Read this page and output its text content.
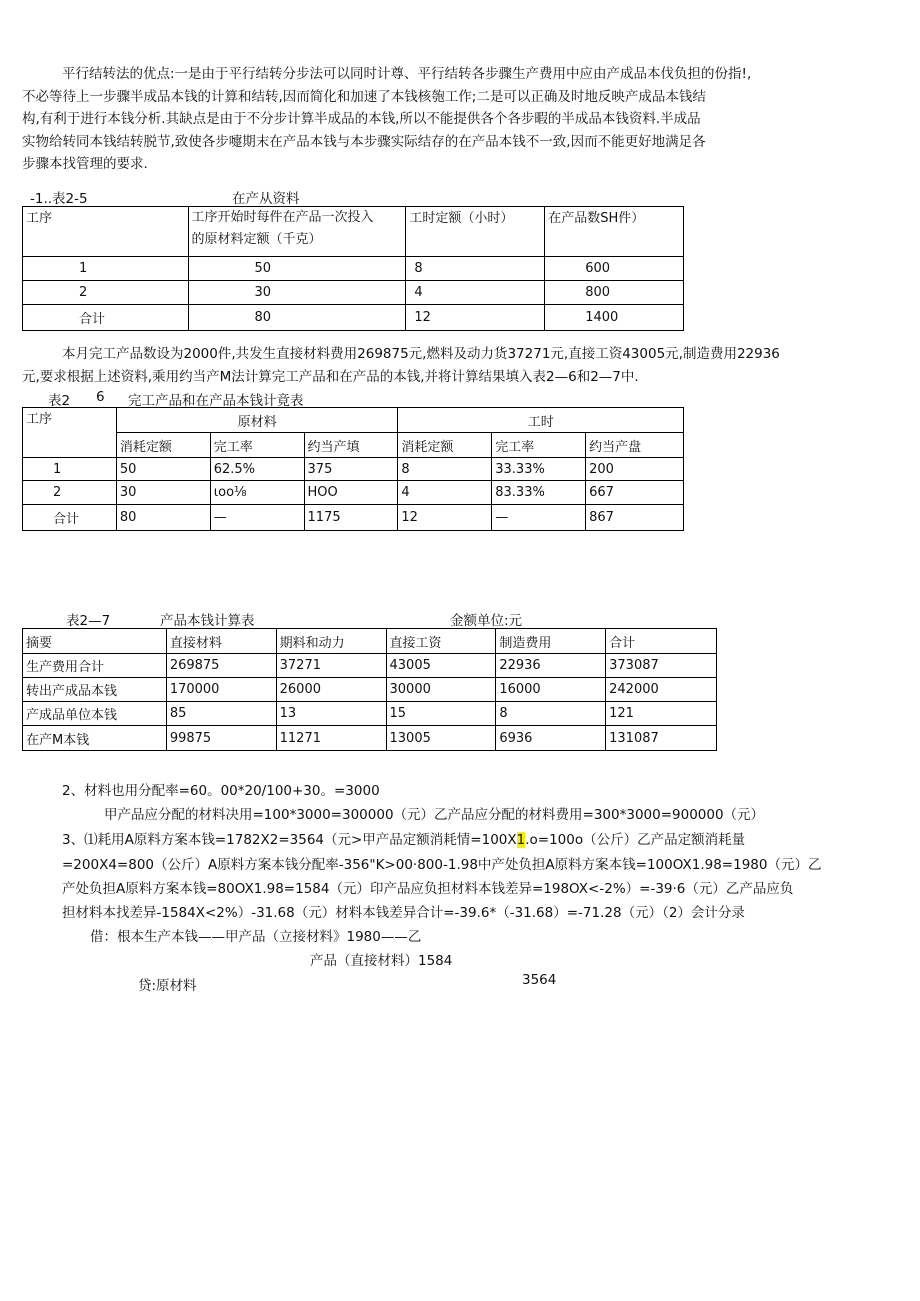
平行结转法的优点:一是由于平行结转分步法可以同时计尊、平行结转各步骤生产费用中应由产成品本伐负担的份指!,
不必等待上一步骤半成品本钱的计算和结转,因而简化和加速了本钱核匏工作;二是可以正确及时地反映产成品本钱结
构,有利于进行本钱分析.其缺点是由于不分步计算半成品的本钱,所以不能提供各个各步暇的半成品本钱资料.半成品
实物给转同本钱结转脱节,致使各步嚏期末在产品本钱与本步骤实际结存的在产品本钱不一致,因而不能更好地满足各
步骤本找管理的要求.
-1..表2-5	在产从资料
工序	工序开始时每件在产品一次投入
的原材料定额（千克）	工时定额（小时）	在产品数SH件）
1	50	8	600
2	30	4	800
合计	80	12	1400
本月完工产品数设为2000件,共发生直接材料费用269875元,燃料及动力货37271元,直接工资43005元,制造费用22936
元,要求根据上述资料,乘用约当产M法计算完工产品和在产品的本钱,并将计算结果填入表2—6和2—7中.
表2 6 完工产品和在产品本钱计竟表
工序	原材料			工时		
	消耗定额	完工率	约当产填	消耗定额	完工率	约当产盘
1	50	62.5%	375	8	33.33%	200
2	30	ιoo⅛	HOO	4	83.33%	667
合计	80	—	1175	12	—	867
表2—7	产品本钱计算表	金额单位:元
摘要	直接材料	期料和动力	直接工资	制造费用	合计
生产费用合计	269875	37271	43005	22936	373087
转出产成品本钱	170000	26000	30000	16000	242000
产成品单位本钱	85	13	15	8	121
在产M本钱	99875	11271	13005	6936	131087
2、材料也用分配率=60。00*20/100+30。=3000
甲产品应分配的材料决用=100*3000=300000（元）乙产品应分配的材料费用=300*3000=900000（元）
3、⑴耗用A原料方案本钱=1782X2=3564（元>甲产品定额消耗情=100X1.o=100o（公斤）乙产品定额消耗量
=200X4=800（公斤）A原料方案本钱分配率-356"K>00·800-1.98中产处负担A原料方案本钱=100OX1.98=1980（元）乙
产处负担A原料方案本钱=80OX1.98=1584（元）印产品应负担材料本钱差异=198OX<-2%）=-39·6（元）乙产品应负
担材料本找差异-1584X<2%）-31.68（元）材料本钱差异合计=-39.6*（-31.68）=-71.28（元）（2）会计分录
借：根本生产本钱——甲产品（立接材料》1980——乙
产品（直接材料）1584
贷:原材料	3564
